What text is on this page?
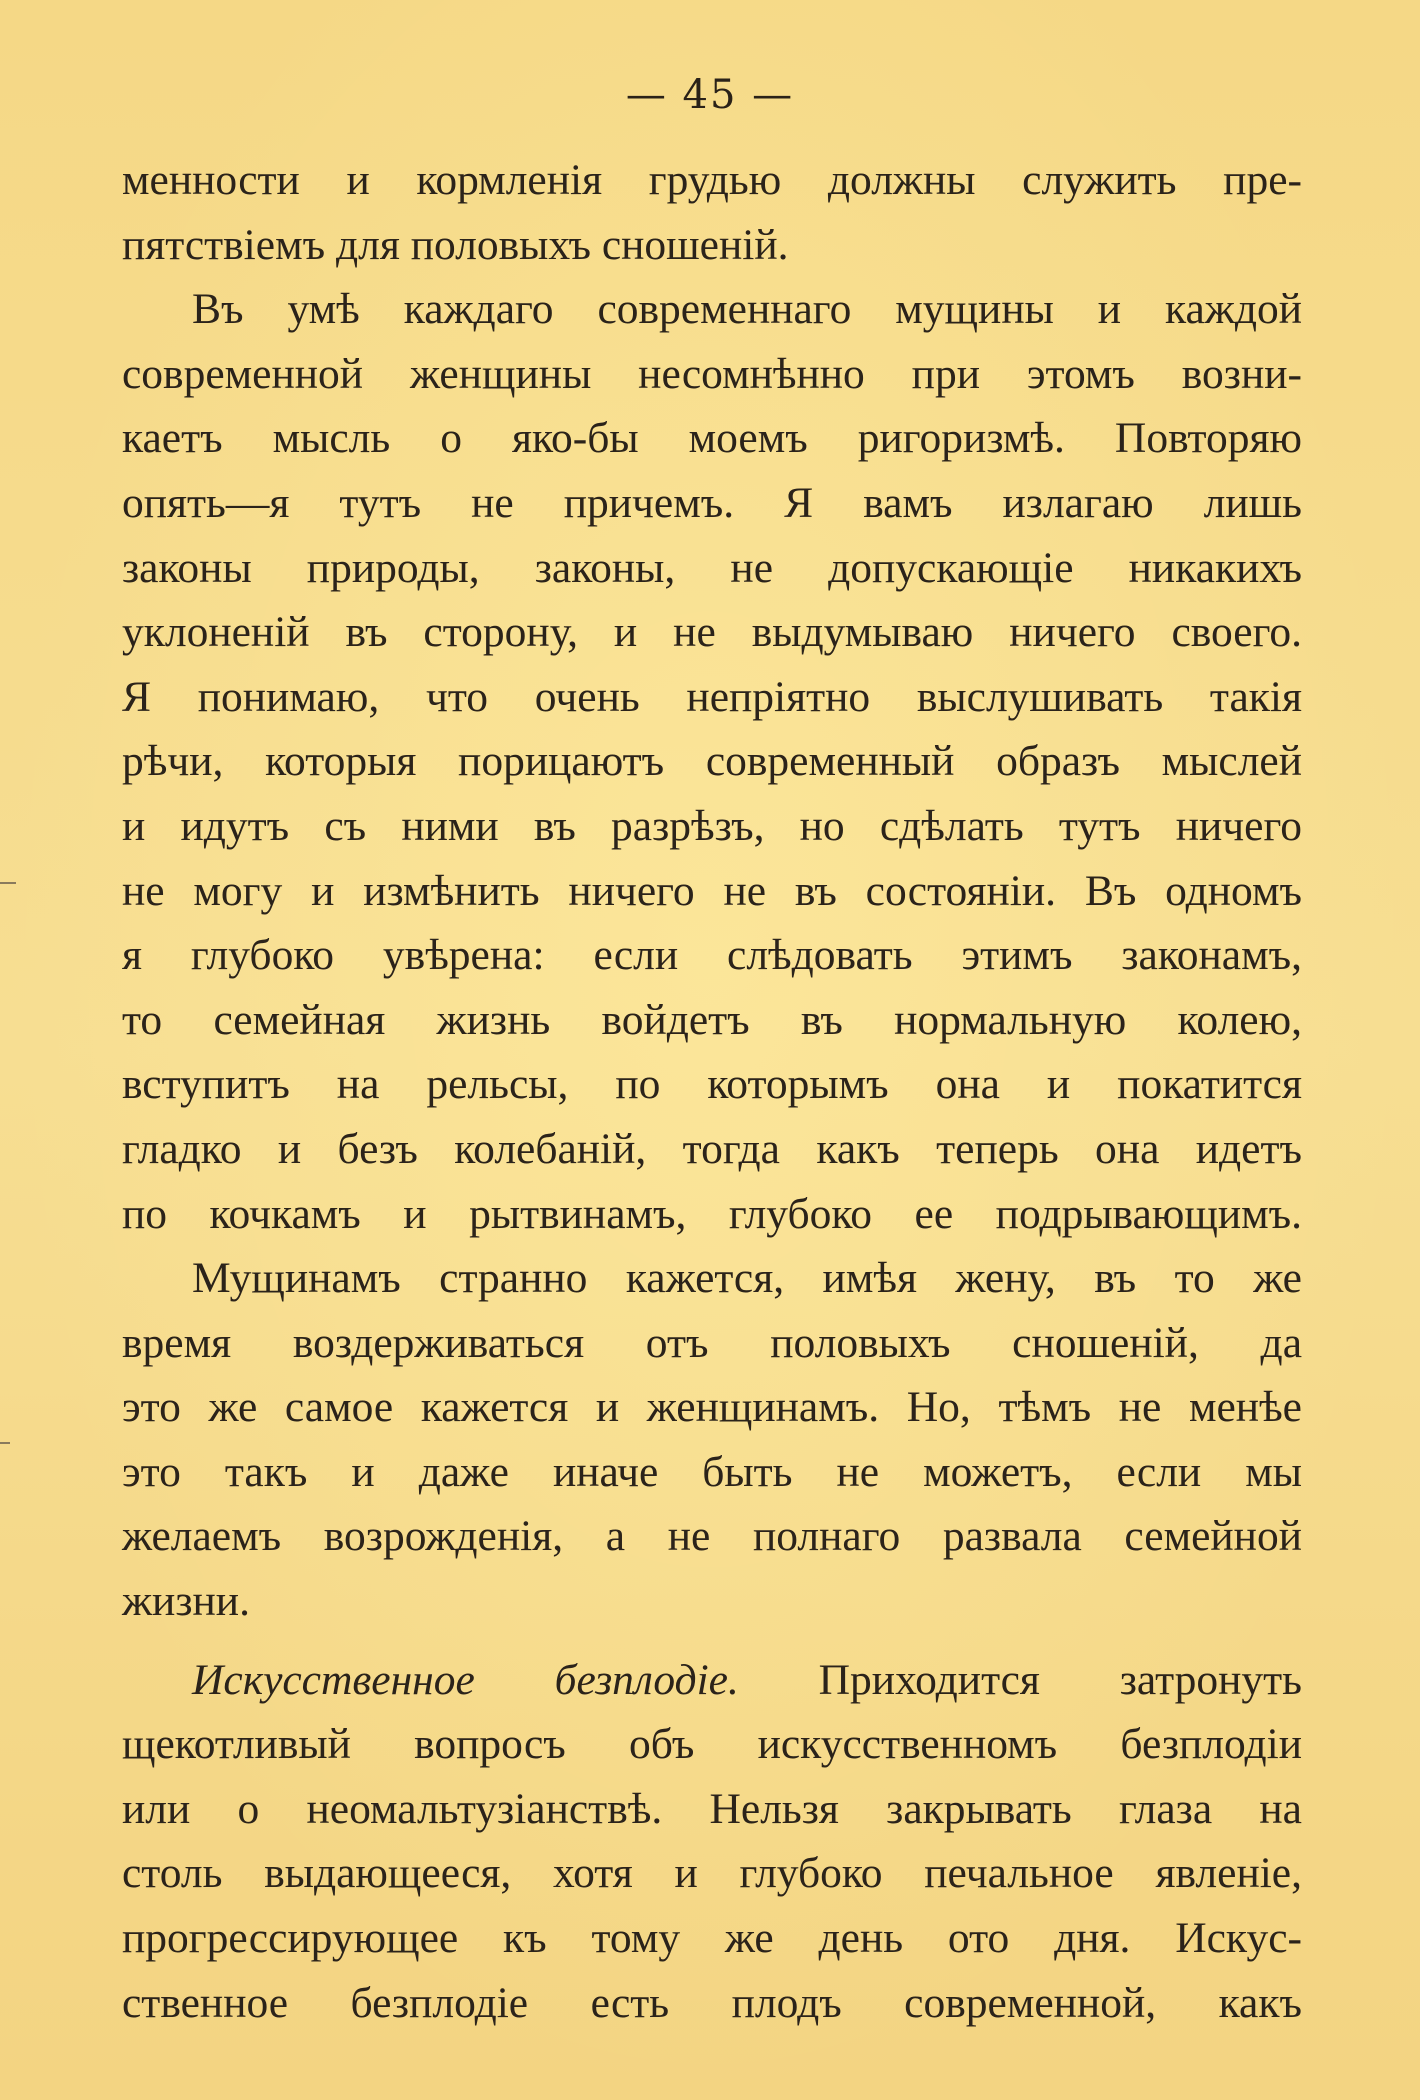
— 45 —
менности и кормленія грудью должны служить пре-
пятствіемъ для половыхъ сношеній.
Въ умѣ каждаго современнаго мущины и каждой
современной женщины несомнѣнно при этомъ возни-
каетъ мысль о яко-бы моемъ ригоризмѣ. Повторяю
опять—я тутъ не причемъ. Я вамъ излагаю лишь
законы природы, законы, не допускающіе никакихъ
уклоненій въ сторону, и не выдумываю ничего своего.
Я понимаю, что очень непріятно выслушивать такія
рѣчи, которыя порицаютъ современный образъ мыслей
и идутъ съ ними въ разрѣзъ, но сдѣлать тутъ ничего
не могу и измѣнить ничего не въ состояніи. Въ одномъ
я глубоко увѣрена: если слѣдовать этимъ законамъ,
то семейная жизнь войдетъ въ нормальную колею,
вступитъ на рельсы, по которымъ она и покатится
гладко и безъ колебаній, тогда какъ теперь она идетъ
по кочкамъ и рытвинамъ, глубоко ее подрывающимъ.
Мущинамъ странно кажется, имѣя жену, въ то же
время воздерживаться отъ половыхъ сношеній, да
это же самое кажется и женщинамъ. Но, тѣмъ не менѣе
это такъ и даже иначе быть не можетъ, если мы
желаемъ возрожденія, а не полнаго развала семейной
жизни.
Искусственное безплодіе. Приходится затронуть
щекотливый вопросъ объ искусственномъ безплодіи
или о неомальтузіанствѣ. Нельзя закрывать глаза на
столь выдающееся, хотя и глубоко печальное явленіе,
прогрессирующее къ тому же день ото дня. Искус-
ственное безплодіе есть плодъ современной, какъ
